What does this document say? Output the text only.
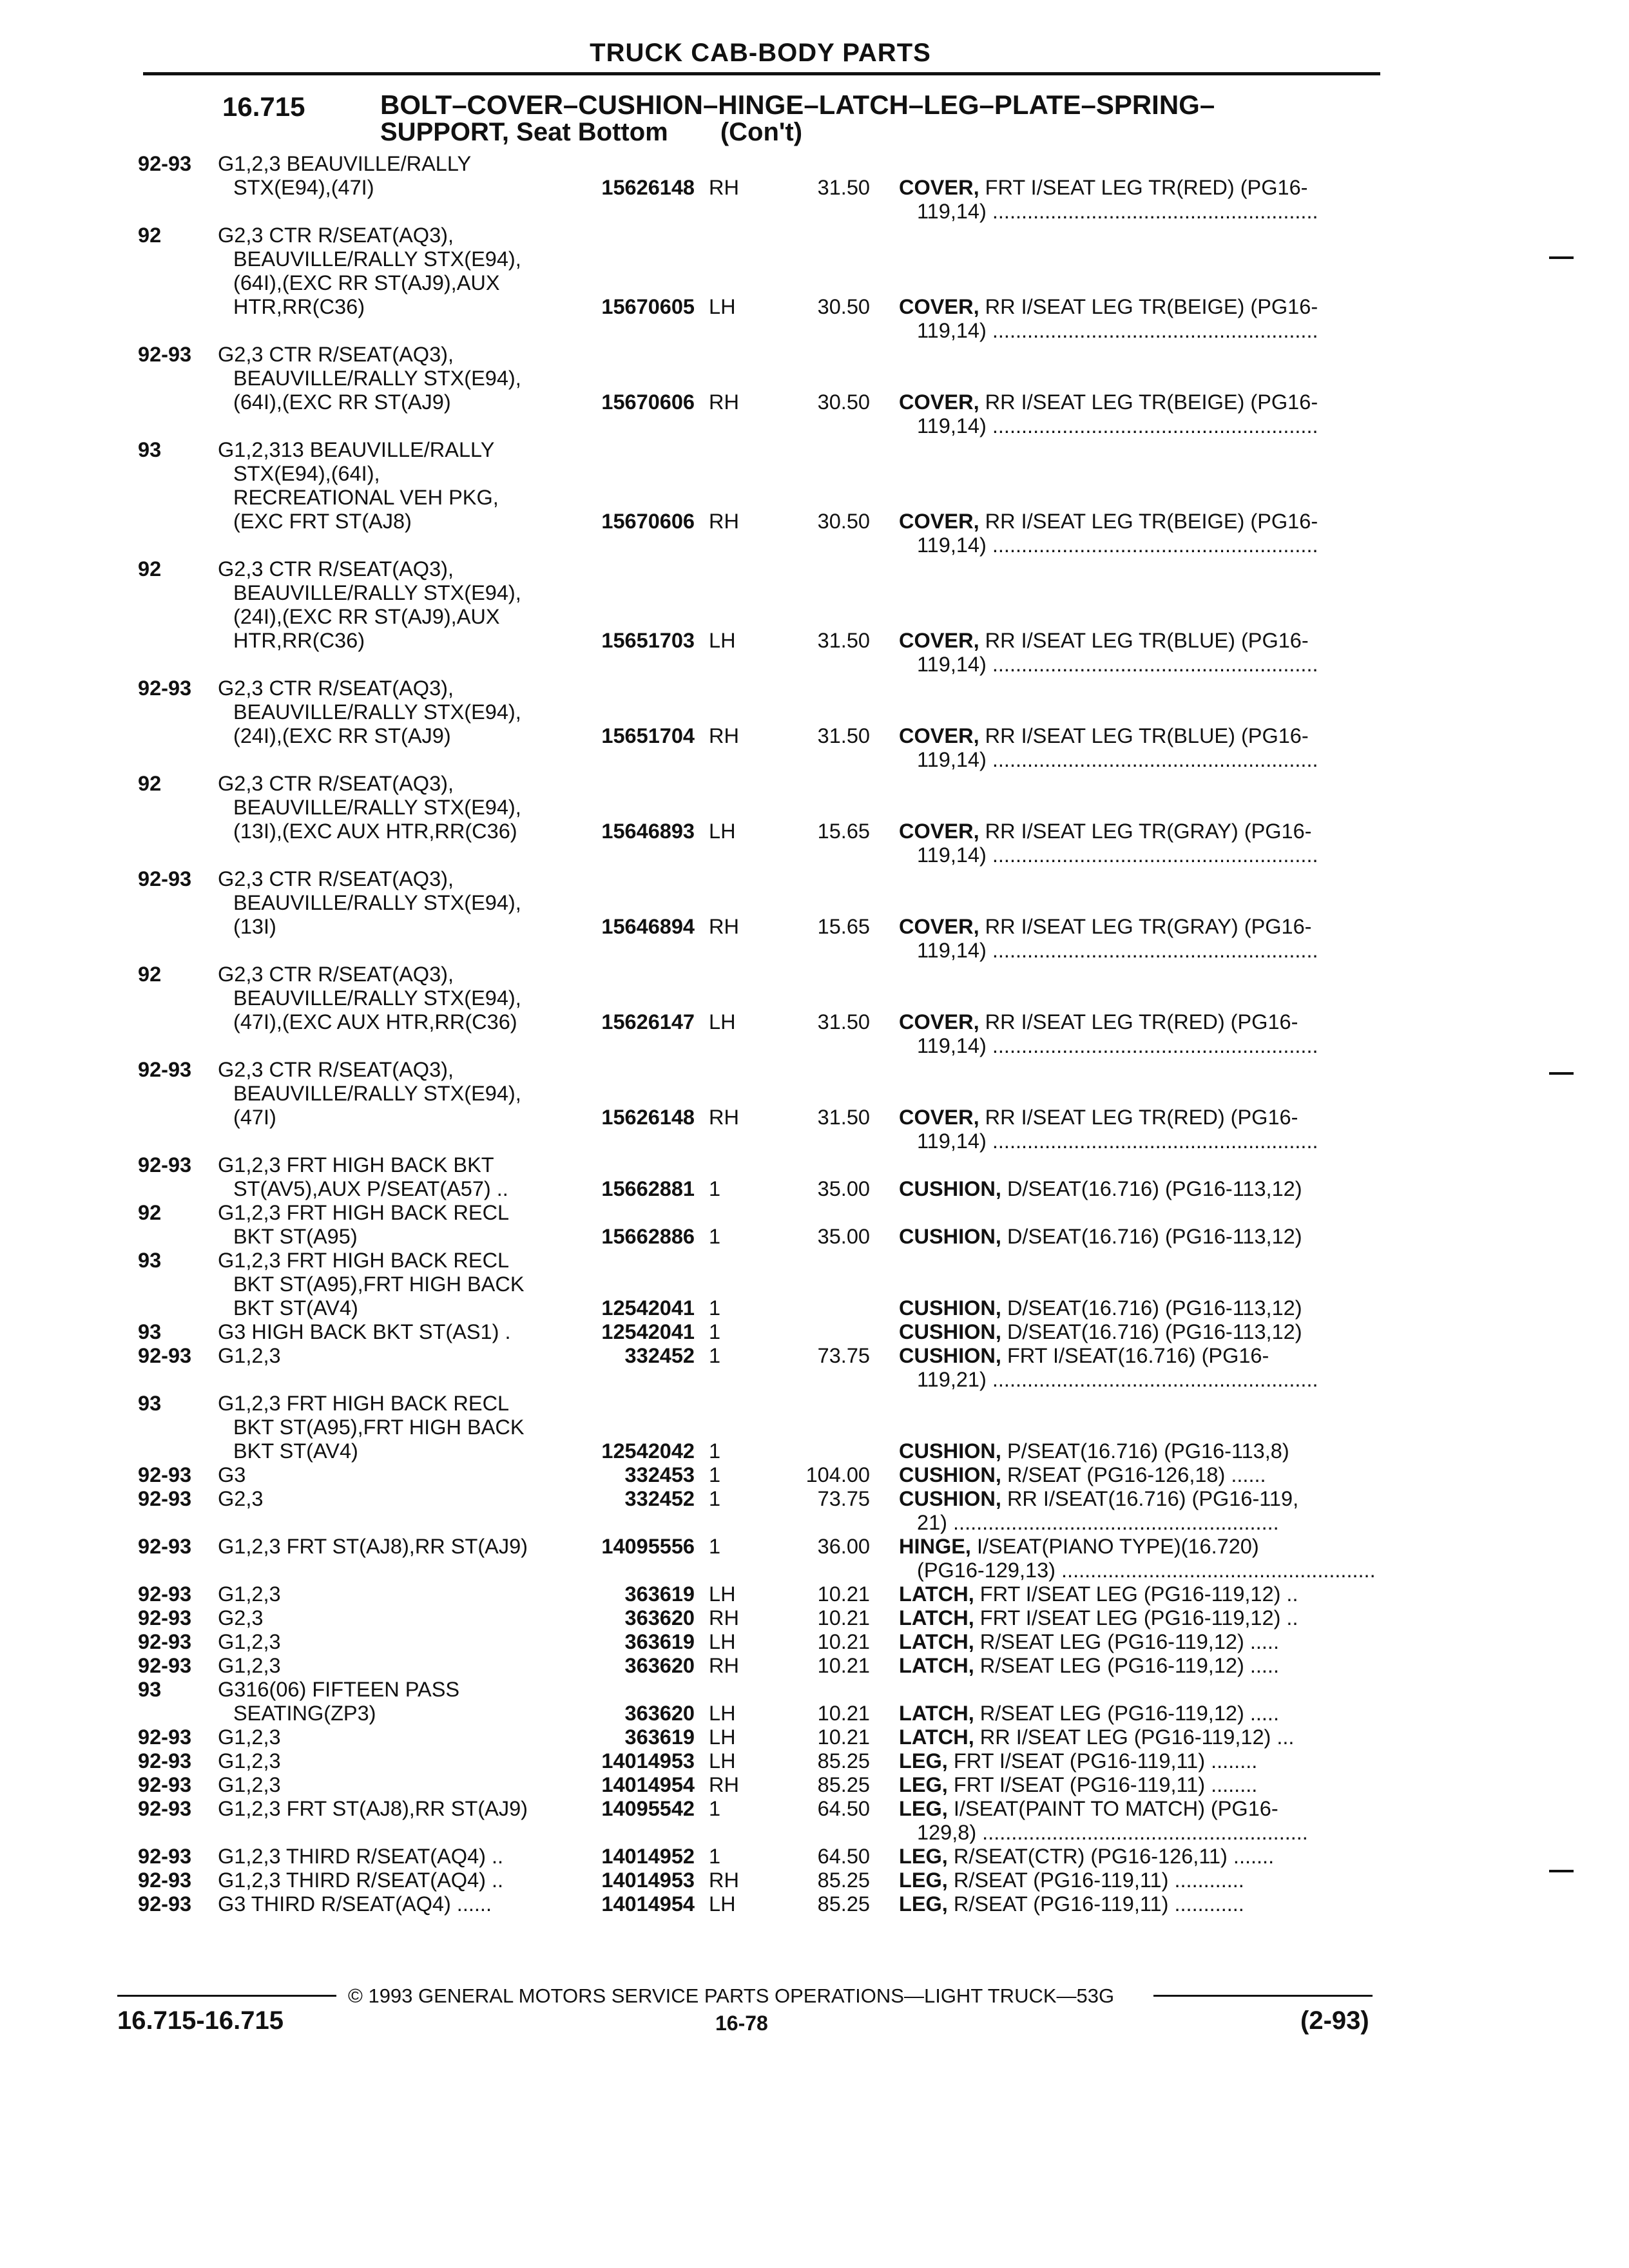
TRUCK CAB-BODY PARTS
16.715	BOLT–COVER–CUSHION–HINGE–LATCH–LEG–PLATE–SPRING–
SUPPORT, Seat Bottom (Con't)
92-93 G1,2,3 BEAUVILLE/RALLY
STX(E94),(47I)	15626148 RH	31.50 COVER, FRT I/SEAT LEG TR(RED) (PG16-
119,14) .....
92	G2,3 CTR R/SEAT(AQ3),
BEAUVILLE/RALLY STX(E94),
(64I),(EXC RR ST(AJ9),AUX
HTR,RR(C36)	15670605 LH	30.50 COVER, RR I/SEAT LEG TR(BEIGE) (PG16-
119,14) .....
92-93 G2,3 CTR R/SEAT(AQ3),
BEAUVILLE/RALLY STX(E94),
(64I),(EXC RR ST(AJ9)	15670606 RH	30.50 COVER, RR I/SEAT LEG TR(BEIGE) (PG16-
119,14) .....
93	G1,2,313 BEAUVILLE/RALLY
STX(E94),(64I),
RECREATIONAL VEH PKG,
(EXC FRT ST(AJ8)	15670606 RH	30.50 COVER, RR I/SEAT LEG TR(BEIGE) (PG16-
119,14) .....
92	G2,3 CTR R/SEAT(AQ3),
BEAUVILLE/RALLY STX(E94),
(24I),(EXC RR ST(AJ9),AUX
HTR,RR(C36)	15651703 LH	31.50 COVER, RR I/SEAT LEG TR(BLUE) (PG16-
119,14) .....
92-93 G2,3 CTR R/SEAT(AQ3),
BEAUVILLE/RALLY STX(E94),
(24I),(EXC RR ST(AJ9)	15651704 RH	31.50 COVER, RR I/SEAT LEG TR(BLUE) (PG16-
119,14) .....
92	G2,3 CTR R/SEAT(AQ3),
BEAUVILLE/RALLY STX(E94),
(13I),(EXC AUX HTR,RR(C36)	15646893 LH	15.65 COVER, RR I/SEAT LEG TR(GRAY) (PG16-
119,14) .....
92-93 G2,3 CTR R/SEAT(AQ3),
BEAUVILLE/RALLY STX(E94),
(13I)	15646894 RH	15.65 COVER, RR I/SEAT LEG TR(GRAY) (PG16-
119,14) .....
92	G2,3 CTR R/SEAT(AQ3),
BEAUVILLE/RALLY STX(E94),
(47I),(EXC AUX HTR,RR(C36)	15626147 LH	31.50 COVER, RR I/SEAT LEG TR(RED) (PG16-
119,14) .....
92-93 G2,3 CTR R/SEAT(AQ3),
BEAUVILLE/RALLY STX(E94),
(47I)	15626148 RH	31.50 COVER, RR I/SEAT LEG TR(RED) (PG16-
119,14) .....
92-93 G1,2,3 FRT HIGH BACK BKT
ST(AV5),AUX P/SEAT(A57) ..	15662881 1	35.00 CUSHION, D/SEAT(16.716) (PG16-113,12)
92	G1,2,3 FRT HIGH BACK RECL
BKT ST(A95)	15662886 1	35.00 CUSHION, D/SEAT(16.716) (PG16-113,12)
93	G1,2,3 FRT HIGH BACK RECL
BKT ST(A95),FRT HIGH BACK
BKT ST(AV4)	12542041 1	CUSHION, D/SEAT(16.716) (PG16-113,12)
93	G3 HIGH BACK BKT ST(AS1) .	12542041 1	CUSHION, D/SEAT(16.716) (PG16-113,12)
92-93 G1,2,3	332452 1	73.75 CUSHION, FRT I/SEAT(16.716) (PG16-
119,21) .....
93	G1,2,3 FRT HIGH BACK RECL
BKT ST(A95),FRT HIGH BACK
BKT ST(AV4)	12542042 1	CUSHION, P/SEAT(16.716) (PG16-113,8)
92-93 G3	332453 1	104.00 CUSHION, R/SEAT (PG16-126,18) ......
92-93 G2,3	332452 1	73.75 CUSHION, RR I/SEAT(16.716) (PG16-119,
21) .....
92-93 G1,2,3 FRT ST(AJ8),RR ST(AJ9)	14095556 1	36.00 HINGE, I/SEAT(PIANO TYPE)(16.720)
(PG16-129,13) .....
92-93 G1,2,3	363619 LH	10.21 LATCH, FRT I/SEAT LEG (PG16-119,12) ..
92-93 G2,3	363620 RH	10.21 LATCH, FRT I/SEAT LEG (PG16-119,12) ..
92-93 G1,2,3	363619 LH	10.21 LATCH, R/SEAT LEG (PG16-119,12) .....
92-93 G1,2,3	363620 RH	10.21 LATCH, R/SEAT LEG (PG16-119,12) .....
93	G316(06) FIFTEEN PASS
SEATING(ZP3)	363620 LH	10.21 LATCH, R/SEAT LEG (PG16-119,12) .....
92-93 G1,2,3	363619 LH	10.21 LATCH, RR I/SEAT LEG (PG16-119,12) ...
92-93 G1,2,3	14014953 LH	85.25 LEG, FRT I/SEAT (PG16-119,11) ........
92-93 G1,2,3	14014954 RH	85.25 LEG, FRT I/SEAT (PG16-119,11) ........
92-93 G1,2,3 FRT ST(AJ8),RR ST(AJ9)	14095542 1	64.50 LEG, I/SEAT(PAINT TO MATCH) (PG16-
129,8) .....
92-93 G1,2,3 THIRD R/SEAT(AQ4) ..	14014952 1	64.50 LEG, R/SEAT(CTR) (PG16-126,11) .......
92-93 G1,2,3 THIRD R/SEAT(AQ4) ..	14014953 RH	85.25 LEG, R/SEAT (PG16-119,11) ............
92-93 G3 THIRD R/SEAT(AQ4) ......	14014954 LH	85.25 LEG, R/SEAT (PG16-119,11) ............
© 1993 GENERAL MOTORS SERVICE PARTS OPERATIONS—LIGHT TRUCK—53G
16.715-16.715	16-78	(2-93)
